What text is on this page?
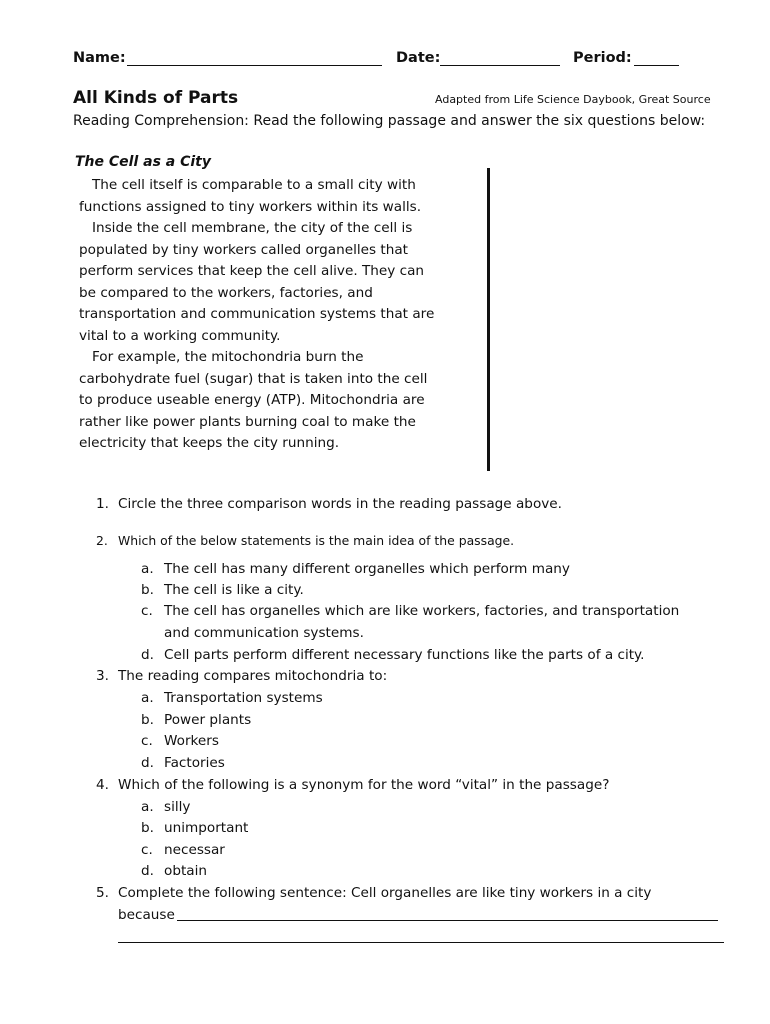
Name:	Date:	Period:
All Kinds of Parts	Adapted from Life Science Daybook, Great Source
Reading Comprehension: Read the following passage and answer the six questions below:
The Cell as a City
The cell itself is comparable to a small city with
functions assigned to tiny workers within its walls.
Inside the cell membrane, the city of the cell is
populated by tiny workers called organelles that
perform services that keep the cell alive. They can
be compared to the workers, factories, and
transportation and communication systems that are
vital to a working community.
For example, the mitochondria burn the
carbohydrate fuel (sugar) that is taken into the cell
to produce useable energy (ATP). Mitochondria are
rather like power plants burning coal to make the
electricity that keeps the city running.
1. Circle the three comparison words in the reading passage above.
2. Which of the below statements is the main idea of the passage.
a. The cell has many different organelles which perform many
b. The cell is like a city.
c. The cell has organelles which are like workers, factories, and transportation
and communication systems.
d. Cell parts perform different necessary functions like the parts of a city.
3. The reading compares mitochondria to:
a. Transportation systems
b. Power plants
c. Workers
d. Factories
4. Which of the following is a synonym for the word “vital” in the passage?
a. silly
b. unimportant
c. necessar
d. obtain
5. Complete the following sentence: Cell organelles are like tiny workers in a city
because
